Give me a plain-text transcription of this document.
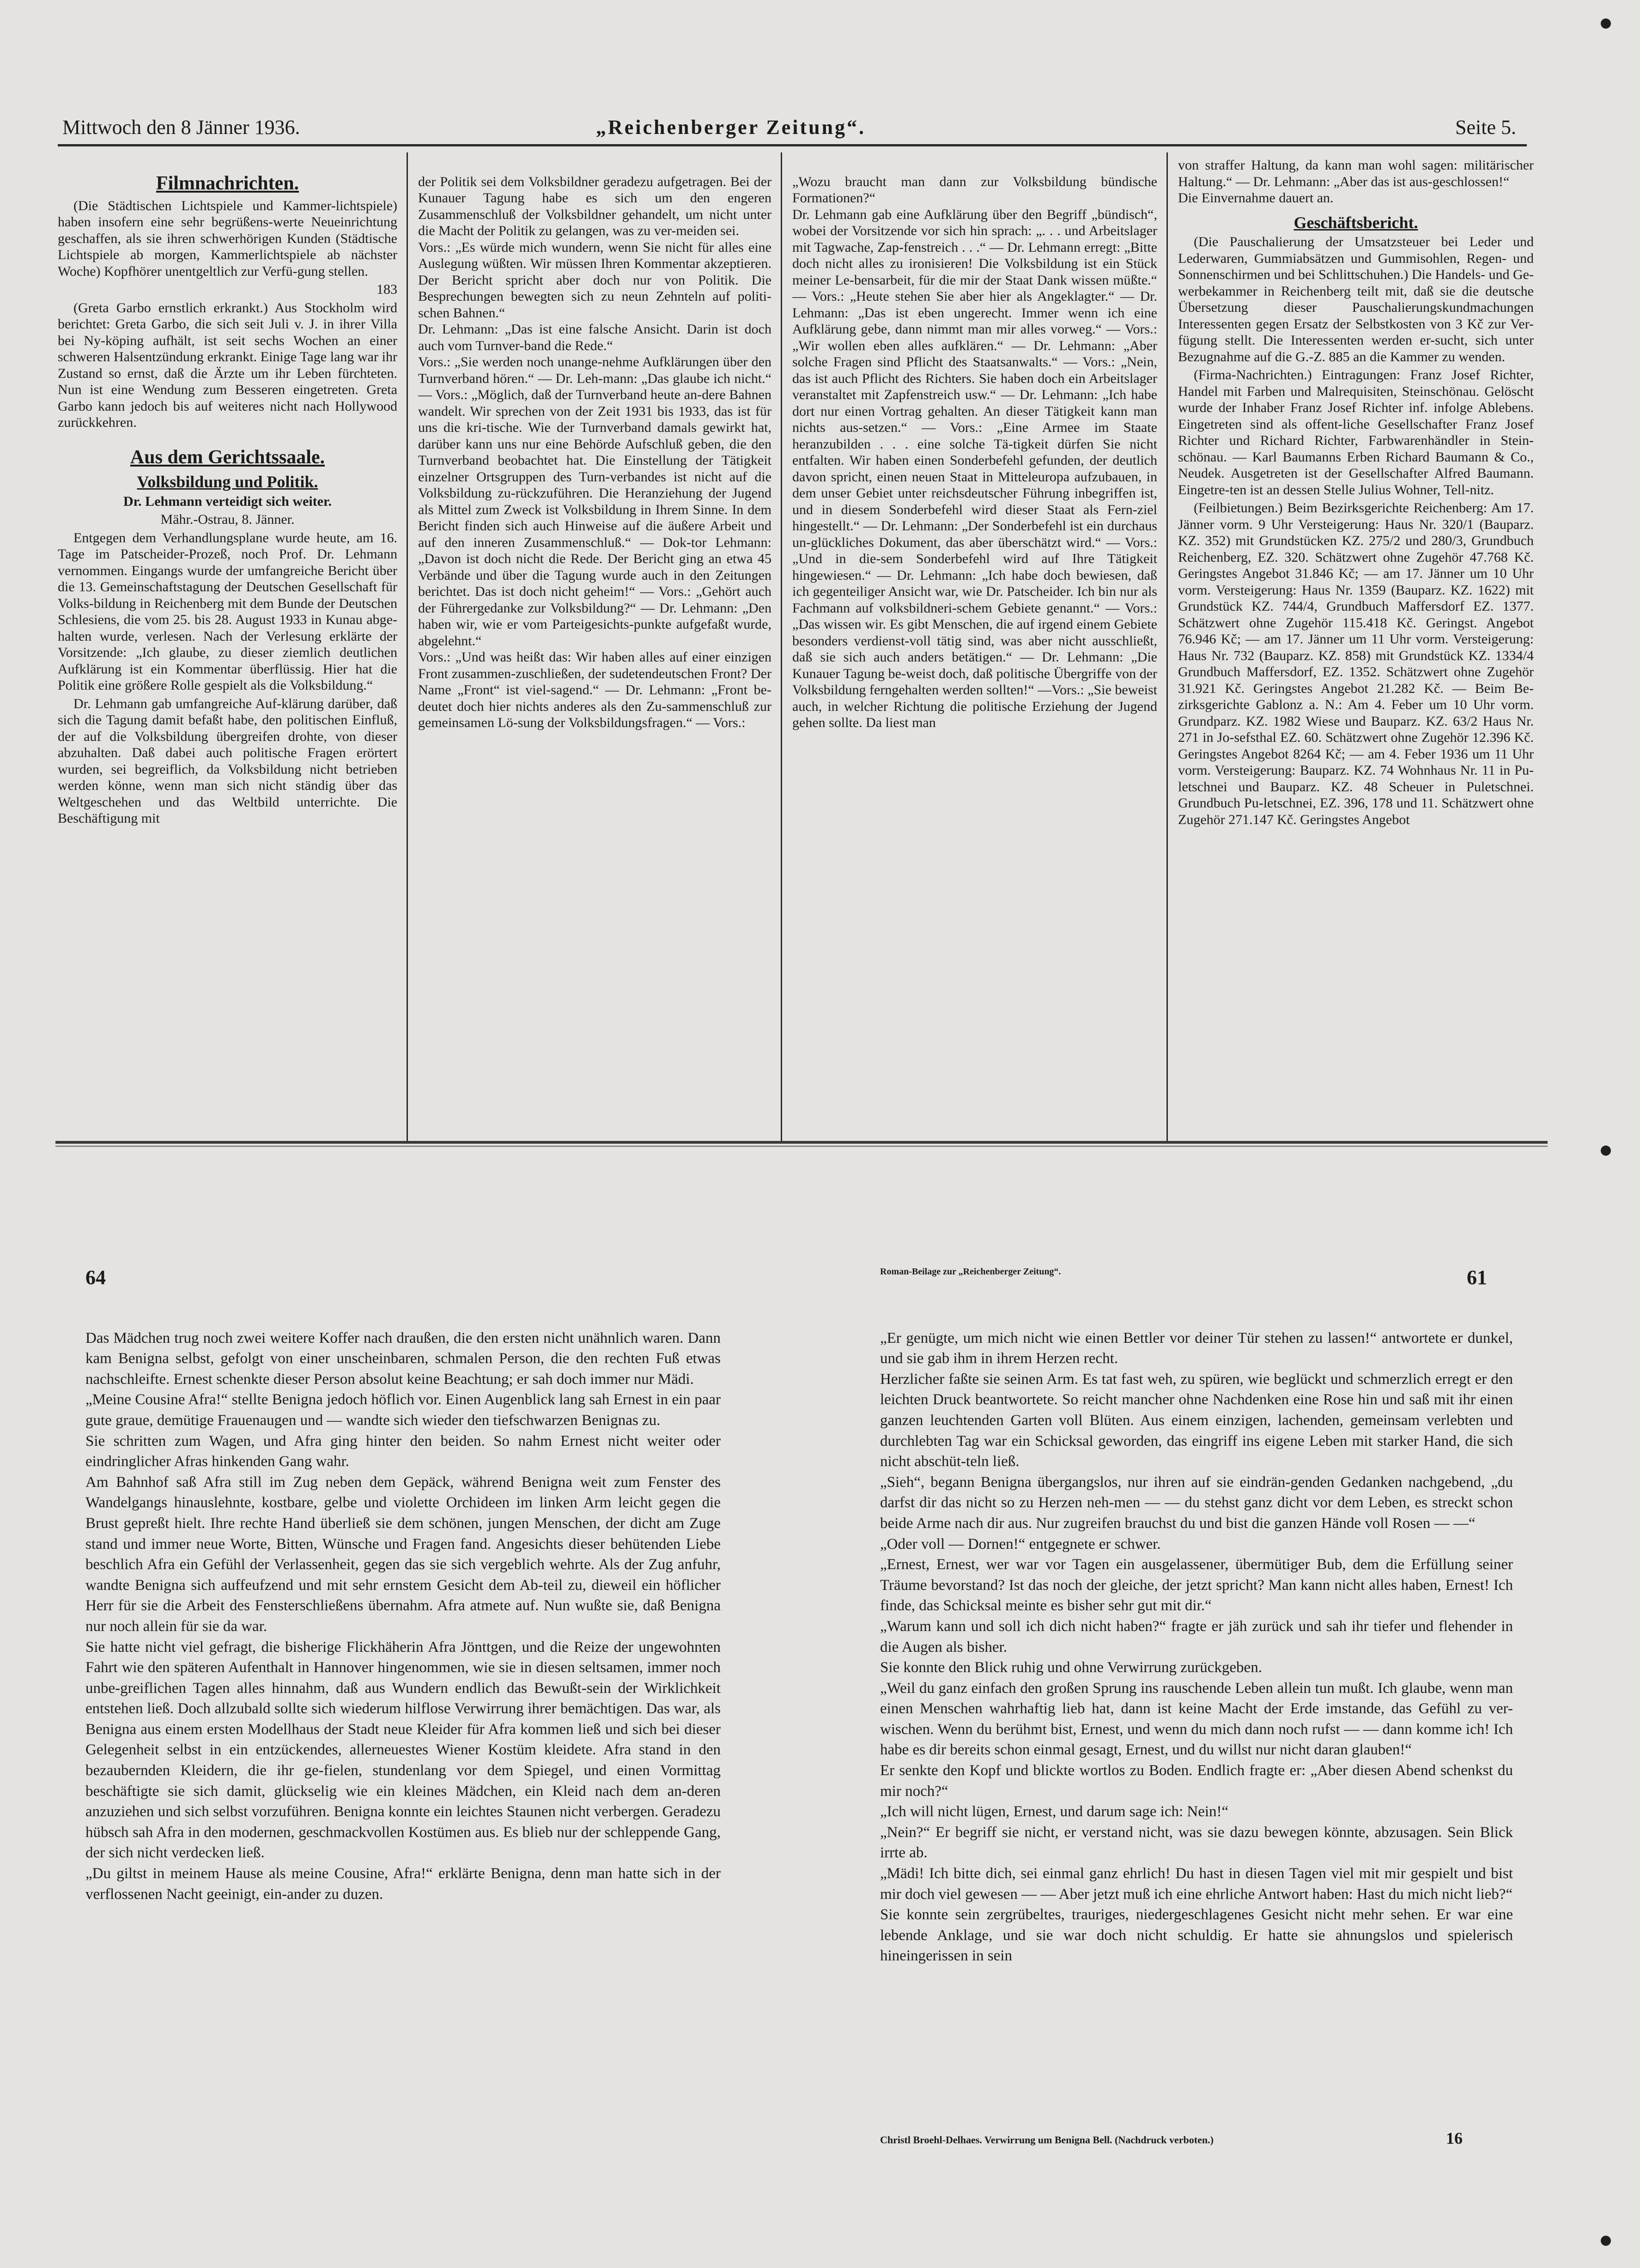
Mittwoch den 8 Jänner 1936.	„Reichenberger Zeitung“.	Seite 5.
Filmnachrichten.

(Die Städtischen Lichtspiele und Kammer-lichtspiele) haben insofern eine sehr begrüßens-werte Neueinrichtung geschaffen, als sie ihren schwerhörigen Kunden (Städtische Lichtspiele ab morgen, Kammerlichtspiele ab nächster Woche) Kopfhörer unentgeltlich zur Verfü-gung stellen.

183

(Greta Garbo ernstlich erkrankt.) Aus Stockholm wird berichtet: Greta Garbo, die sich seit Juli v. J. in ihrer Villa bei Ny-köping aufhält, ist seit sechs Wochen an einer schweren Halsentzündung erkrankt. Einige Tage lang war ihr Zustand so ernst, daß die Ärzte um ihr Leben fürchteten. Nun ist eine Wendung zum Besseren eingetreten. Greta Garbo kann jedoch bis auf weiteres nicht nach Hollywood zurückkehren.

Aus dem Gerichtssaale.
Volksbildung und Politik.

Dr. Lehmann verteidigt sich weiter.

Mähr.-Ostrau, 8. Jänner.

Entgegen dem Verhandlungsplane wurde heute, am 16. Tage im Patscheider-Prozeß, noch Prof. Dr. Lehmann vernommen. Eingangs wurde der umfangreiche Bericht über die 13. Gemeinschaftstagung der Deutschen Gesellschaft für Volks-bildung in Reichenberg mit dem Bunde der Deutschen Schlesiens, die vom 25. bis 28. August 1933 in Kunau abge-halten wurde, verlesen. Nach der Verlesung erklärte der Vorsitzende: „Ich glaube, zu dieser ziemlich deutlichen Aufklärung ist ein Kommentar überflüssig. Hier hat die Politik eine größere Rolle gespielt als die Volksbildung.“

Dr. Lehmann gab umfangreiche Auf-klärung darüber, daß sich die Tagung damit befaßt habe, den politischen Einfluß, der auf die Volksbildung übergreifen drohte, von dieser abzuhalten. Daß dabei auch politische Fragen erörtert wurden, sei begreiflich, da Volksbildung nicht betrieben werden könne, wenn man sich nicht ständig über das Weltgeschehen und das Weltbild unterrichte. Die Beschäftigung mit

der Politik sei dem Volksbildner geradezu aufgetragen. Bei der Kunauer Tagung habe es sich um den engeren Zusammenschluß der Volksbildner gehandelt, um nicht unter die Macht der Politik zu gelangen, was zu ver-meiden sei.
Vors.: „Es würde mich wundern, wenn Sie nicht für alles eine Auslegung wüßten. Wir müssen Ihren Kommentar akzeptieren. Der Bericht spricht aber doch nur von Politik. Die Besprechungen bewegten sich zu neun Zehnteln auf politi-schen Bahnen.“
Dr. Lehmann: „Das ist eine falsche Ansicht. Darin ist doch auch vom Turnver-band die Rede.“
Vors.: „Sie werden noch unange-nehme Aufklärungen über den Turnverband hören.“ — Dr. Leh-mann: „Das glaube ich nicht.“ — Vors.: „Möglich, daß der Turnverband heute an-dere Bahnen wandelt. Wir sprechen von der Zeit 1931 bis 1933, das ist für uns die kri-tische. Wie der Turnverband damals gewirkt hat, darüber kann uns nur eine Behörde Aufschluß geben, die den Turnverband beobachtet hat. Die Einstellung der Tätigkeit einzelner Ortsgruppen des Turn-verbandes ist nicht auf die Volksbildung zu-rückzuführen. Die Heranziehung der Jugend als Mittel zum Zweck ist Volksbildung in Ihrem Sinne. In dem Bericht finden sich auch Hinweise auf die äußere Arbeit und auf den inneren Zusammenschluß.“ — Dok-tor Lehmann: „Davon ist doch nicht die Rede. Der Bericht ging an etwa 45 Verbände und über die Tagung wurde auch in den Zeitungen berichtet. Das ist doch nicht geheim!“ — Vors.: „Gehört auch der Führergedanke zur Volksbildung?“ — Dr. Lehmann: „Den haben wir, wie er vom Parteigesichts-punkte aufgefaßt wurde, abgelehnt.“
Vors.: „Und was heißt das: Wir haben alles auf einer einzigen Front zusammen-zuschließen, der sudetendeutschen Front? Der Name „Front“ ist viel-sagend.“ — Dr. Lehmann: „Front be-deutet doch hier nichts anderes als den Zu-sammenschluß zur gemeinsamen Lö-sung der Volksbildungsfragen.“ — Vors.:

„Wozu braucht man dann zur Volksbildung bündische Formationen?“
Dr. Lehmann gab eine Aufklärung über den Begriff „bündisch“, wobei der Vorsitzende vor sich hin sprach: „. . . und Arbeitslager mit Tagwache, Zap-fenstreich . . .“ — Dr. Lehmann erregt: „Bitte doch nicht alles zu ironisieren! Die Volksbildung ist ein Stück meiner Le-bensarbeit, für die mir der Staat Dank wissen müßte.“ — Vors.: „Heute stehen Sie aber hier als Angeklagter.“ — Dr. Lehmann: „Das ist eben ungerecht. Immer wenn ich eine Aufklärung gebe, dann nimmt man mir alles vorweg.“ — Vors.: „Wir wollen eben alles aufklären.“ — Dr. Lehmann: „Aber solche Fragen sind Pflicht des Staatsanwalts.“ — Vors.: „Nein, das ist auch Pflicht des Richters. Sie haben doch ein Arbeitslager veranstaltet mit Zapfenstreich usw.“ — Dr. Lehmann: „Ich habe dort nur einen Vortrag gehalten. An dieser Tätigkeit kann man nichts aus-setzen.“ — Vors.: „Eine Armee im Staate heranzubilden . . . eine solche Tä-tigkeit dürfen Sie nicht entfalten. Wir haben einen Sonderbefehl gefunden, der deutlich davon spricht, einen neuen Staat in Mitteleuropa aufzubauen, in dem unser Gebiet unter reichsdeutscher Führung inbegriffen ist, und in diesem Sonderbefehl wird dieser Staat als Fern-ziel hingestellt.“ — Dr. Lehmann: „Der Sonderbefehl ist ein durchaus un-glückliches Dokument, das aber überschätzt wird.“ — Vors.: „Und in die-sem Sonderbefehl wird auf Ihre Tätigkeit hingewiesen.“ — Dr. Lehmann: „Ich habe doch bewiesen, daß ich gegenteiliger Ansicht war, wie Dr. Patscheider. Ich bin nur als Fachmann auf volksbildneri-schem Gebiete genannt.“ — Vors.: „Das wissen wir. Es gibt Menschen, die auf irgend einem Gebiete besonders verdienst-voll tätig sind, was aber nicht ausschließt, daß sie sich auch anders betätigen.“ — Dr. Lehmann: „Die Kunauer Tagung be-weist doch, daß politische Übergriffe von der Volksbildung ferngehalten werden sollten!“ —Vors.: „Sie beweist auch, in welcher Richtung die politische Erziehung der Jugend gehen sollte. Da liest man

von straffer Haltung, da kann man wohl sagen: militärischer Haltung.“ — Dr. Lehmann: „Aber das ist aus-geschlossen!“
Die Einvernahme dauert an.
Geschäftsbericht.

(Die Pauschalierung der Umsatzsteuer bei Leder und Lederwaren, Gummiabsätzen und Gummisohlen, Regen- und Sonnenschirmen und bei Schlittschuhen.) Die Handels- und Ge-werbekammer in Reichenberg teilt mit, daß sie die deutsche Übersetzung dieser Pauschalierungskundmachungen Interessenten gegen Ersatz der Selbstkosten von 3 Kč zur Ver-fügung stellt. Die Interessenten werden er-sucht, sich unter Bezugnahme auf die G.-Z. 885 an die Kammer zu wenden.

(Firma-Nachrichten.) Eintragungen: Franz Josef Richter, Handel mit Farben und Malrequisiten, Steinschönau. Gelöscht wurde der Inhaber Franz Josef Richter inf. infolge Ablebens. Eingetreten sind als offent-liche Gesellschafter Franz Josef Richter und Richard Richter, Farbwarenhändler in Stein-schönau. — Karl Baumanns Erben Richard Baumann & Co., Neudek. Ausgetreten ist der Gesellschafter Alfred Baumann. Eingetre-ten ist an dessen Stelle Julius Wohner, Tell-nitz.

(Feilbietungen.) Beim Bezirksgerichte Reichenberg: Am 17. Jänner vorm. 9 Uhr Versteigerung: Haus Nr. 320/1 (Bauparz. KZ. 352) mit Grundstücken KZ. 275/2 und 280/3, Grundbuch Reichenberg, EZ. 320. Schätzwert ohne Zugehör 47.768 Kč. Geringstes Angebot 31.846 Kč; — am 17. Jänner um 10 Uhr vorm. Versteigerung: Haus Nr. 1359 (Bauparz. KZ. 1622) mit Grundstück KZ. 744/4, Grundbuch Maffersdorf EZ. 1377. Schätzwert ohne Zugehör 115.418 Kč. Geringst. Angebot 76.946 Kč; — am 17. Jänner um 11 Uhr vorm. Versteigerung: Haus Nr. 732 (Bauparz. KZ. 858) mit Grundstück KZ. 1334/4 Grundbuch Maffersdorf, EZ. 1352. Schätzwert ohne Zugehör 31.921 Kč. Geringstes Angebot 21.282 Kč. — Beim Be-zirksgerichte Gablonz a. N.: Am 4. Feber um 10 Uhr vorm. Grundparz. KZ. 1982 Wiese und Bauparz. KZ. 63/2 Haus Nr. 271 in Jo-sefsthal EZ. 60. Schätzwert ohne Zugehör 12.396 Kč. Geringstes Angebot 8264 Kč; — am 4. Feber 1936 um 11 Uhr vorm. Versteigerung: Bauparz. KZ. 74 Wohnhaus Nr. 11 in Pu-letschnei und Bauparz. KZ. 48 Scheuer in Puletschnei. Grundbuch Pu-letschnei, EZ. 396, 178 und 11. Schätzwert ohne Zugehör 271.147 Kč. Geringstes Angebot

64	Roman-Beilage zur „Reichenberger Zeitung“.	61

Das Mädchen trug noch zwei weitere Koffer nach draußen, die den ersten nicht unähnlich waren. Dann kam Benigna selbst, gefolgt von einer unscheinbaren, schmalen Person, die den rechten Fuß etwas nachschleifte. Ernest schenkte dieser Person absolut keine Beachtung; er sah doch immer nur Mädi.
„Meine Cousine Afra!“ stellte Benigna jedoch höflich vor. Einen Augenblick lang sah Ernest in ein paar gute graue, demütige Frauenaugen und — wandte sich wieder den tiefschwarzen Benignas zu.
Sie schritten zum Wagen, und Afra ging hinter den beiden. So nahm Ernest nicht weiter oder eindringlicher Afras hinkenden Gang wahr.
Am Bahnhof saß Afra still im Zug neben dem Gepäck, während Benigna weit zum Fenster des Wandelgangs hinauslehnte, kostbare, gelbe und violette Orchideen im linken Arm leicht gegen die Brust gepreßt hielt. Ihre rechte Hand überließ sie dem schönen, jungen Menschen, der dicht am Zuge stand und immer neue Worte, Bitten, Wünsche und Fragen fand. Angesichts dieser behütenden Liebe beschlich Afra ein Gefühl der Verlassenheit, gegen das sie sich vergeblich wehrte. Als der Zug anfuhr, wandte Benigna sich auffeufzend und mit sehr ernstem Gesicht dem Ab-teil zu, dieweil ein höflicher Herr für sie die Arbeit des Fensterschließens übernahm. Afra atmete auf. Nun wußte sie, daß Benigna nur noch allein für sie da war.
Sie hatte nicht viel gefragt, die bisherige Flickhäherin Afra Jönttgen, und die Reize der ungewohnten Fahrt wie den späteren Aufenthalt in Hannover hingenommen, wie sie in diesen seltsamen, immer noch unbe-greiflichen Tagen alles hinnahm, daß aus Wundern endlich das Bewußt-sein der Wirklichkeit entstehen ließ. Doch allzubald sollte sich wiederum hilflose Verwirrung ihrer bemächtigen. Das war, als Benigna aus einem ersten Modellhaus der Stadt neue Kleider für Afra kommen ließ und sich bei dieser Gelegenheit selbst in ein entzückendes, allerneuestes Wiener Kostüm kleidete. Afra stand in den bezaubernden Kleidern, die ihr ge-fielen, stundenlang vor dem Spiegel, und einen Vormittag beschäftigte sie sich damit, glückselig wie ein kleines Mädchen, ein Kleid nach dem an-deren anzuziehen und sich selbst vorzuführen. Benigna konnte ein leichtes Staunen nicht verbergen. Geradezu hübsch sah Afra in den modernen, geschmackvollen Kostümen aus. Es blieb nur der schleppende Gang, der sich nicht verdecken ließ.
„Du giltst in meinem Hause als meine Cousine, Afra!“ erklärte Benigna, denn man hatte sich in der verflossenen Nacht geeinigt, ein-ander zu duzen.

„Er genügte, um mich nicht wie einen Bettler vor deiner Tür stehen zu lassen!“ antwortete er dunkel, und sie gab ihm in ihrem Herzen recht.
Herzlicher faßte sie seinen Arm. Es tat fast weh, zu spüren, wie beglückt und schmerzlich erregt er den leichten Druck beantwortete. So reicht mancher ohne Nachdenken eine Rose hin und saß mit ihr einen ganzen leuchtenden Garten voll Blüten. Aus einem einzigen, lachenden, gemeinsam verlebten und durchlebten Tag war ein Schicksal geworden, das eingriff ins eigene Leben mit starker Hand, die sich nicht abschüt-teln ließ.
„Sieh“, begann Benigna übergangslos, nur ihren auf sie eindrän-genden Gedanken nachgebend, „du darfst dir das nicht so zu Herzen neh-men — — du stehst ganz dicht vor dem Leben, es streckt schon beide Arme nach dir aus. Nur zugreifen brauchst du und bist die ganzen Hände voll Rosen — —“
„Oder voll — Dornen!“ entgegnete er schwer.
„Ernest, Ernest, wer war vor Tagen ein ausgelassener, übermütiger Bub, dem die Erfüllung seiner Träume bevorstand? Ist das noch der gleiche, der jetzt spricht? Man kann nicht alles haben, Ernest! Ich finde, das Schicksal meinte es bisher sehr gut mit dir.“
„Warum kann und soll ich dich nicht haben?“ fragte er jäh zurück und sah ihr tiefer und flehender in die Augen als bisher.
Sie konnte den Blick ruhig und ohne Verwirrung zurückgeben.
„Weil du ganz einfach den großen Sprung ins rauschende Leben allein tun mußt. Ich glaube, wenn man einen Menschen wahrhaftig lieb hat, dann ist keine Macht der Erde imstande, das Gefühl zu ver-wischen. Wenn du berühmt bist, Ernest, und wenn du mich dann noch rufst — — dann komme ich! Ich habe es dir bereits schon einmal gesagt, Ernest, und du willst nur nicht daran glauben!“
Er senkte den Kopf und blickte wortlos zu Boden. Endlich fragte er: „Aber diesen Abend schenkst du mir noch?“
„Ich will nicht lügen, Ernest, und darum sage ich: Nein!“
„Nein?“ Er begriff sie nicht, er verstand nicht, was sie dazu bewegen könnte, abzusagen. Sein Blick irrte ab.
„Mädi! Ich bitte dich, sei einmal ganz ehrlich! Du hast in diesen Tagen viel mit mir gespielt und bist mir doch viel gewesen — — Aber jetzt muß ich eine ehrliche Antwort haben: Hast du mich nicht lieb?“
Sie konnte sein zergrübeltes, trauriges, niedergeschlagenes Gesicht nicht mehr sehen. Er war eine lebende Anklage, und sie war doch nicht schuldig. Er hatte sie ahnungslos und spielerisch hineingerissen in sein

Christl Broehl-Delhaes. Verwirrung um Benigna Bell. (Nachdruck verboten.)	16
